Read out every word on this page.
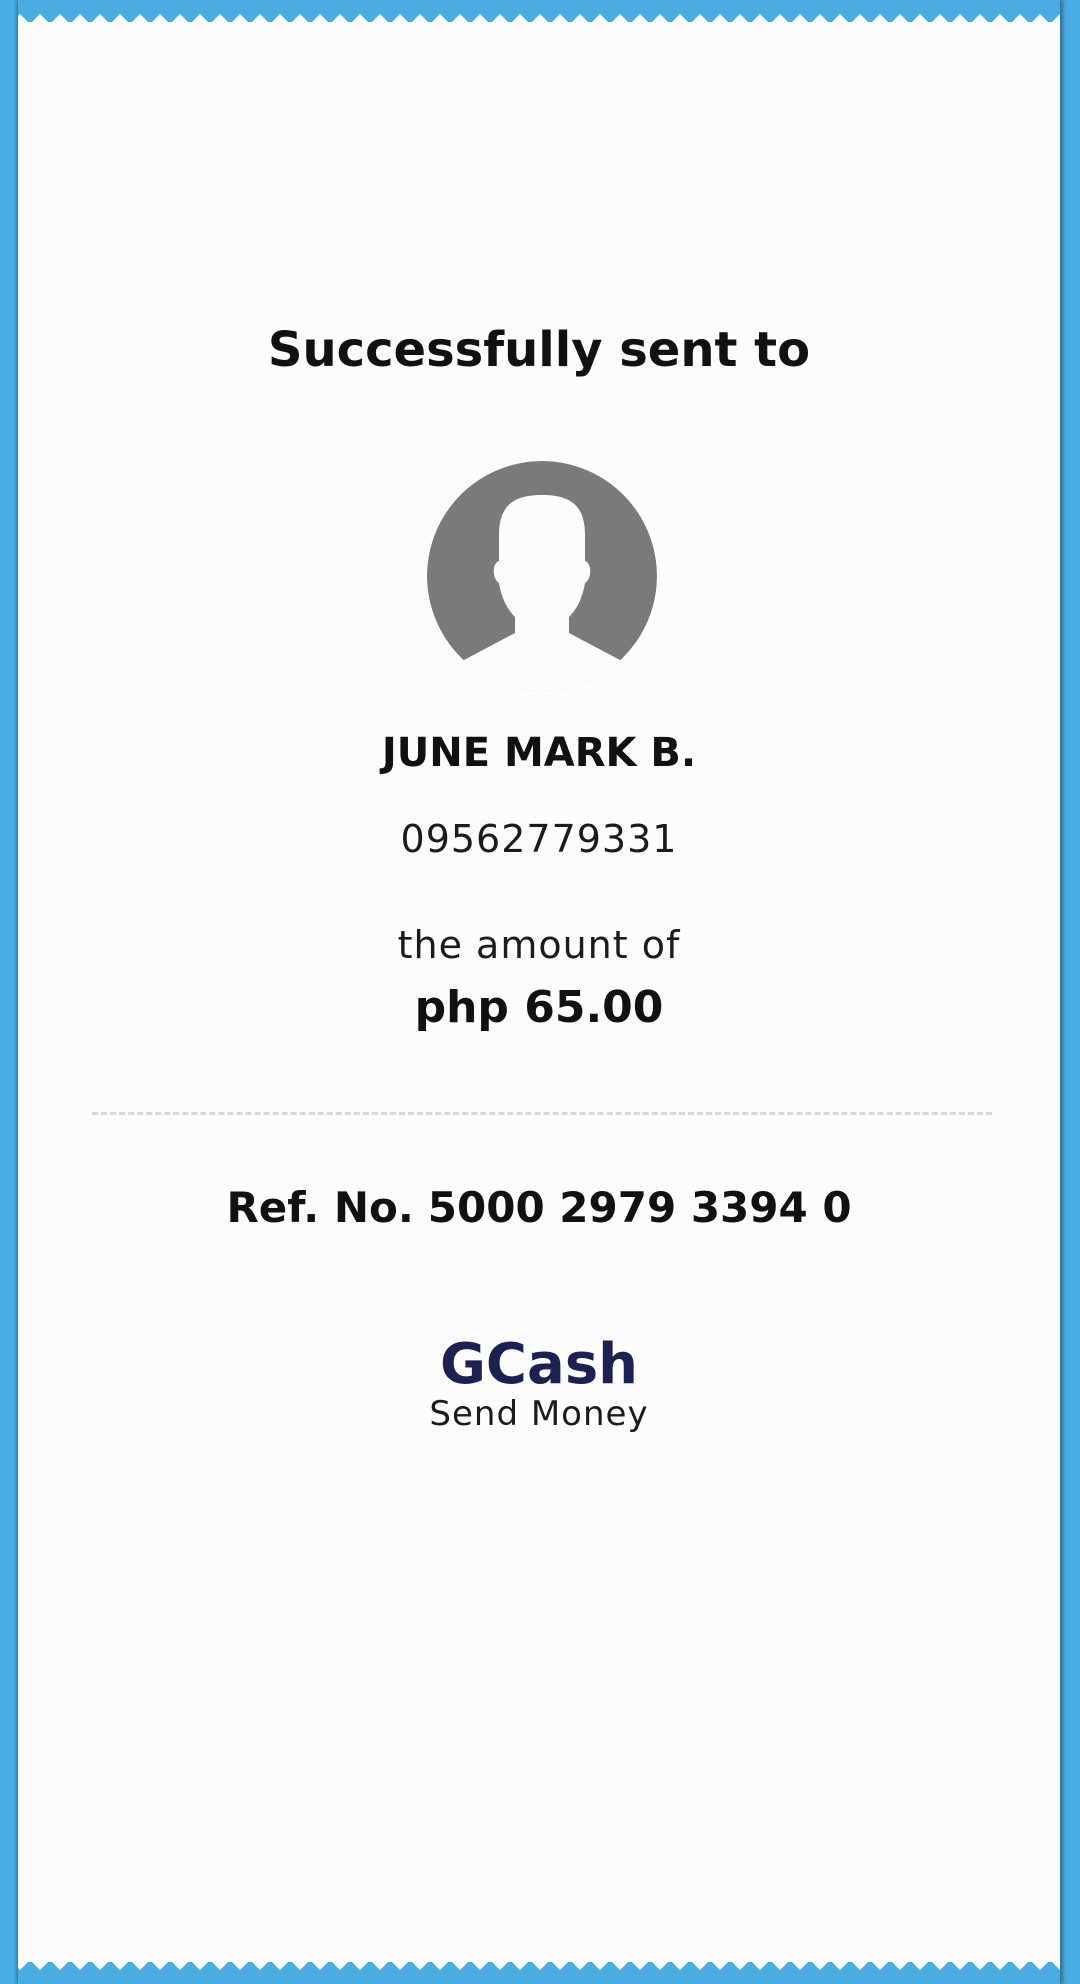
Successfully sent to
JUNE MARK B.
09562779331
the amount of
php 65.00
Ref. No. 5000 2979 3394 0
GCash
Send Money
